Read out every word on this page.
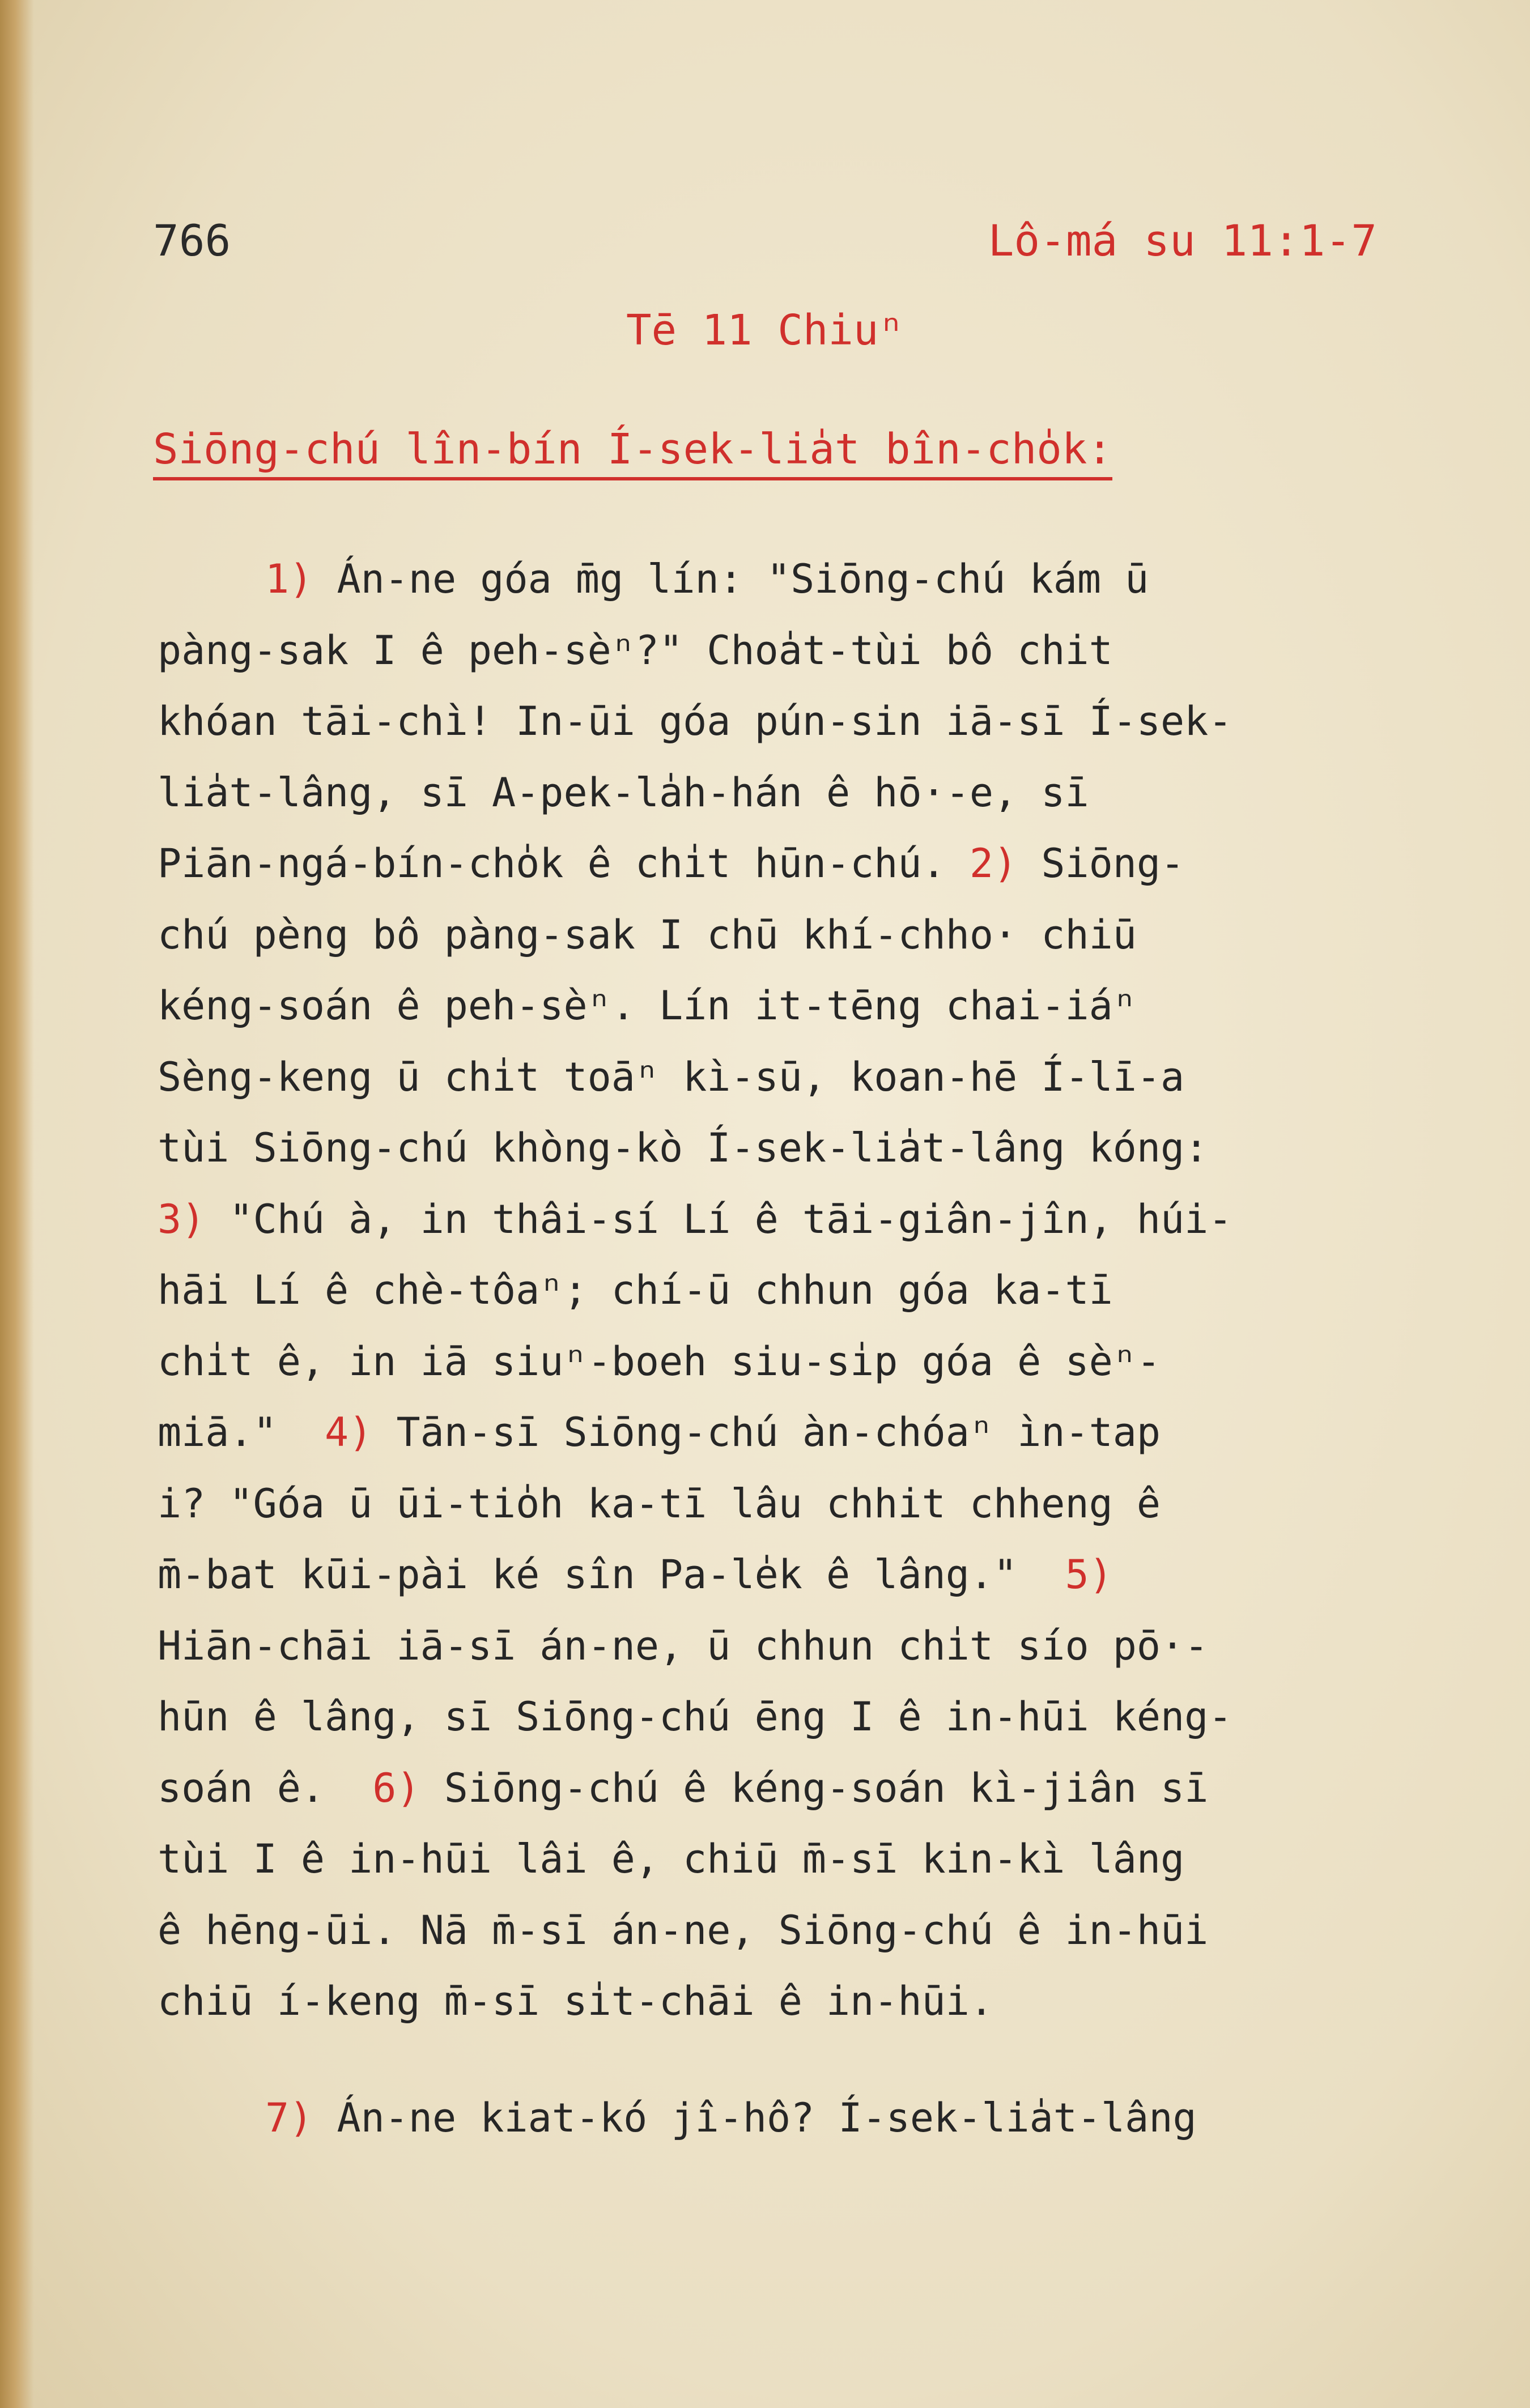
766	Lô-má su 11:1-7
Tē 11 Chiuⁿ
Siōng-chú lîn-bín Í-sek-lia̍t bîn-cho̍k:
1) Án-ne góa m̄g lín: "Siōng-chú kám ū
pàng-sak I ê peh-sèⁿ?" Choa̍t-tùi bô chit
khóan tāi-chì! In-ūi góa pún-sin iā-sī Í-sek-
lia̍t-lâng, sī A-pek-la̍h-hán ê hō·-e, sī
Piān-ngá-bín-cho̍k ê chi̍t hūn-chú. 2) Siōng-
chú pèng bô pàng-sak I chū khí-chho· chiū
kéng-soán ê peh-sèⁿ. Lín it-tēng chai-iáⁿ
Sèng-keng ū chi̍t toāⁿ kì-sū, koan-hē Í-lī-a
tùi Siōng-chú khòng-kò Í-sek-lia̍t-lâng kóng:
3) "Chú à, in thâi-sí Lí ê tāi-giân-jîn, húi-
hāi Lí ê chè-tôaⁿ; chí-ū chhun góa ka-tī
chi̍t ê, in iā siuⁿ-boeh siu-si̍p góa ê sèⁿ-
miā."  4) Tān-sī Siōng-chú àn-chóaⁿ ìn-tap
i? "Góa ū ūi-tio̍h ka-tī lâu chhit chheng ê
m̄-bat kūi-pài ké sîn Pa-le̍k ê lâng."  5)
Hiān-chāi iā-sī án-ne, ū chhun chi̍t sío pō·-
hūn ê lâng, sī Siōng-chú ēng I ê in-hūi kéng-
soán ê.  6) Siōng-chú ê kéng-soán kì-jiân sī
tùi I ê in-hūi lâi ê, chiū m̄-sī kin-kì lâng
ê hēng-ūi. Nā m̄-sī án-ne, Siōng-chú ê in-hūi
chiū í-keng m̄-sī si̍t-chāi ê in-hūi.
7) Án-ne kiat-kó jî-hô? Í-sek-lia̍t-lâng
